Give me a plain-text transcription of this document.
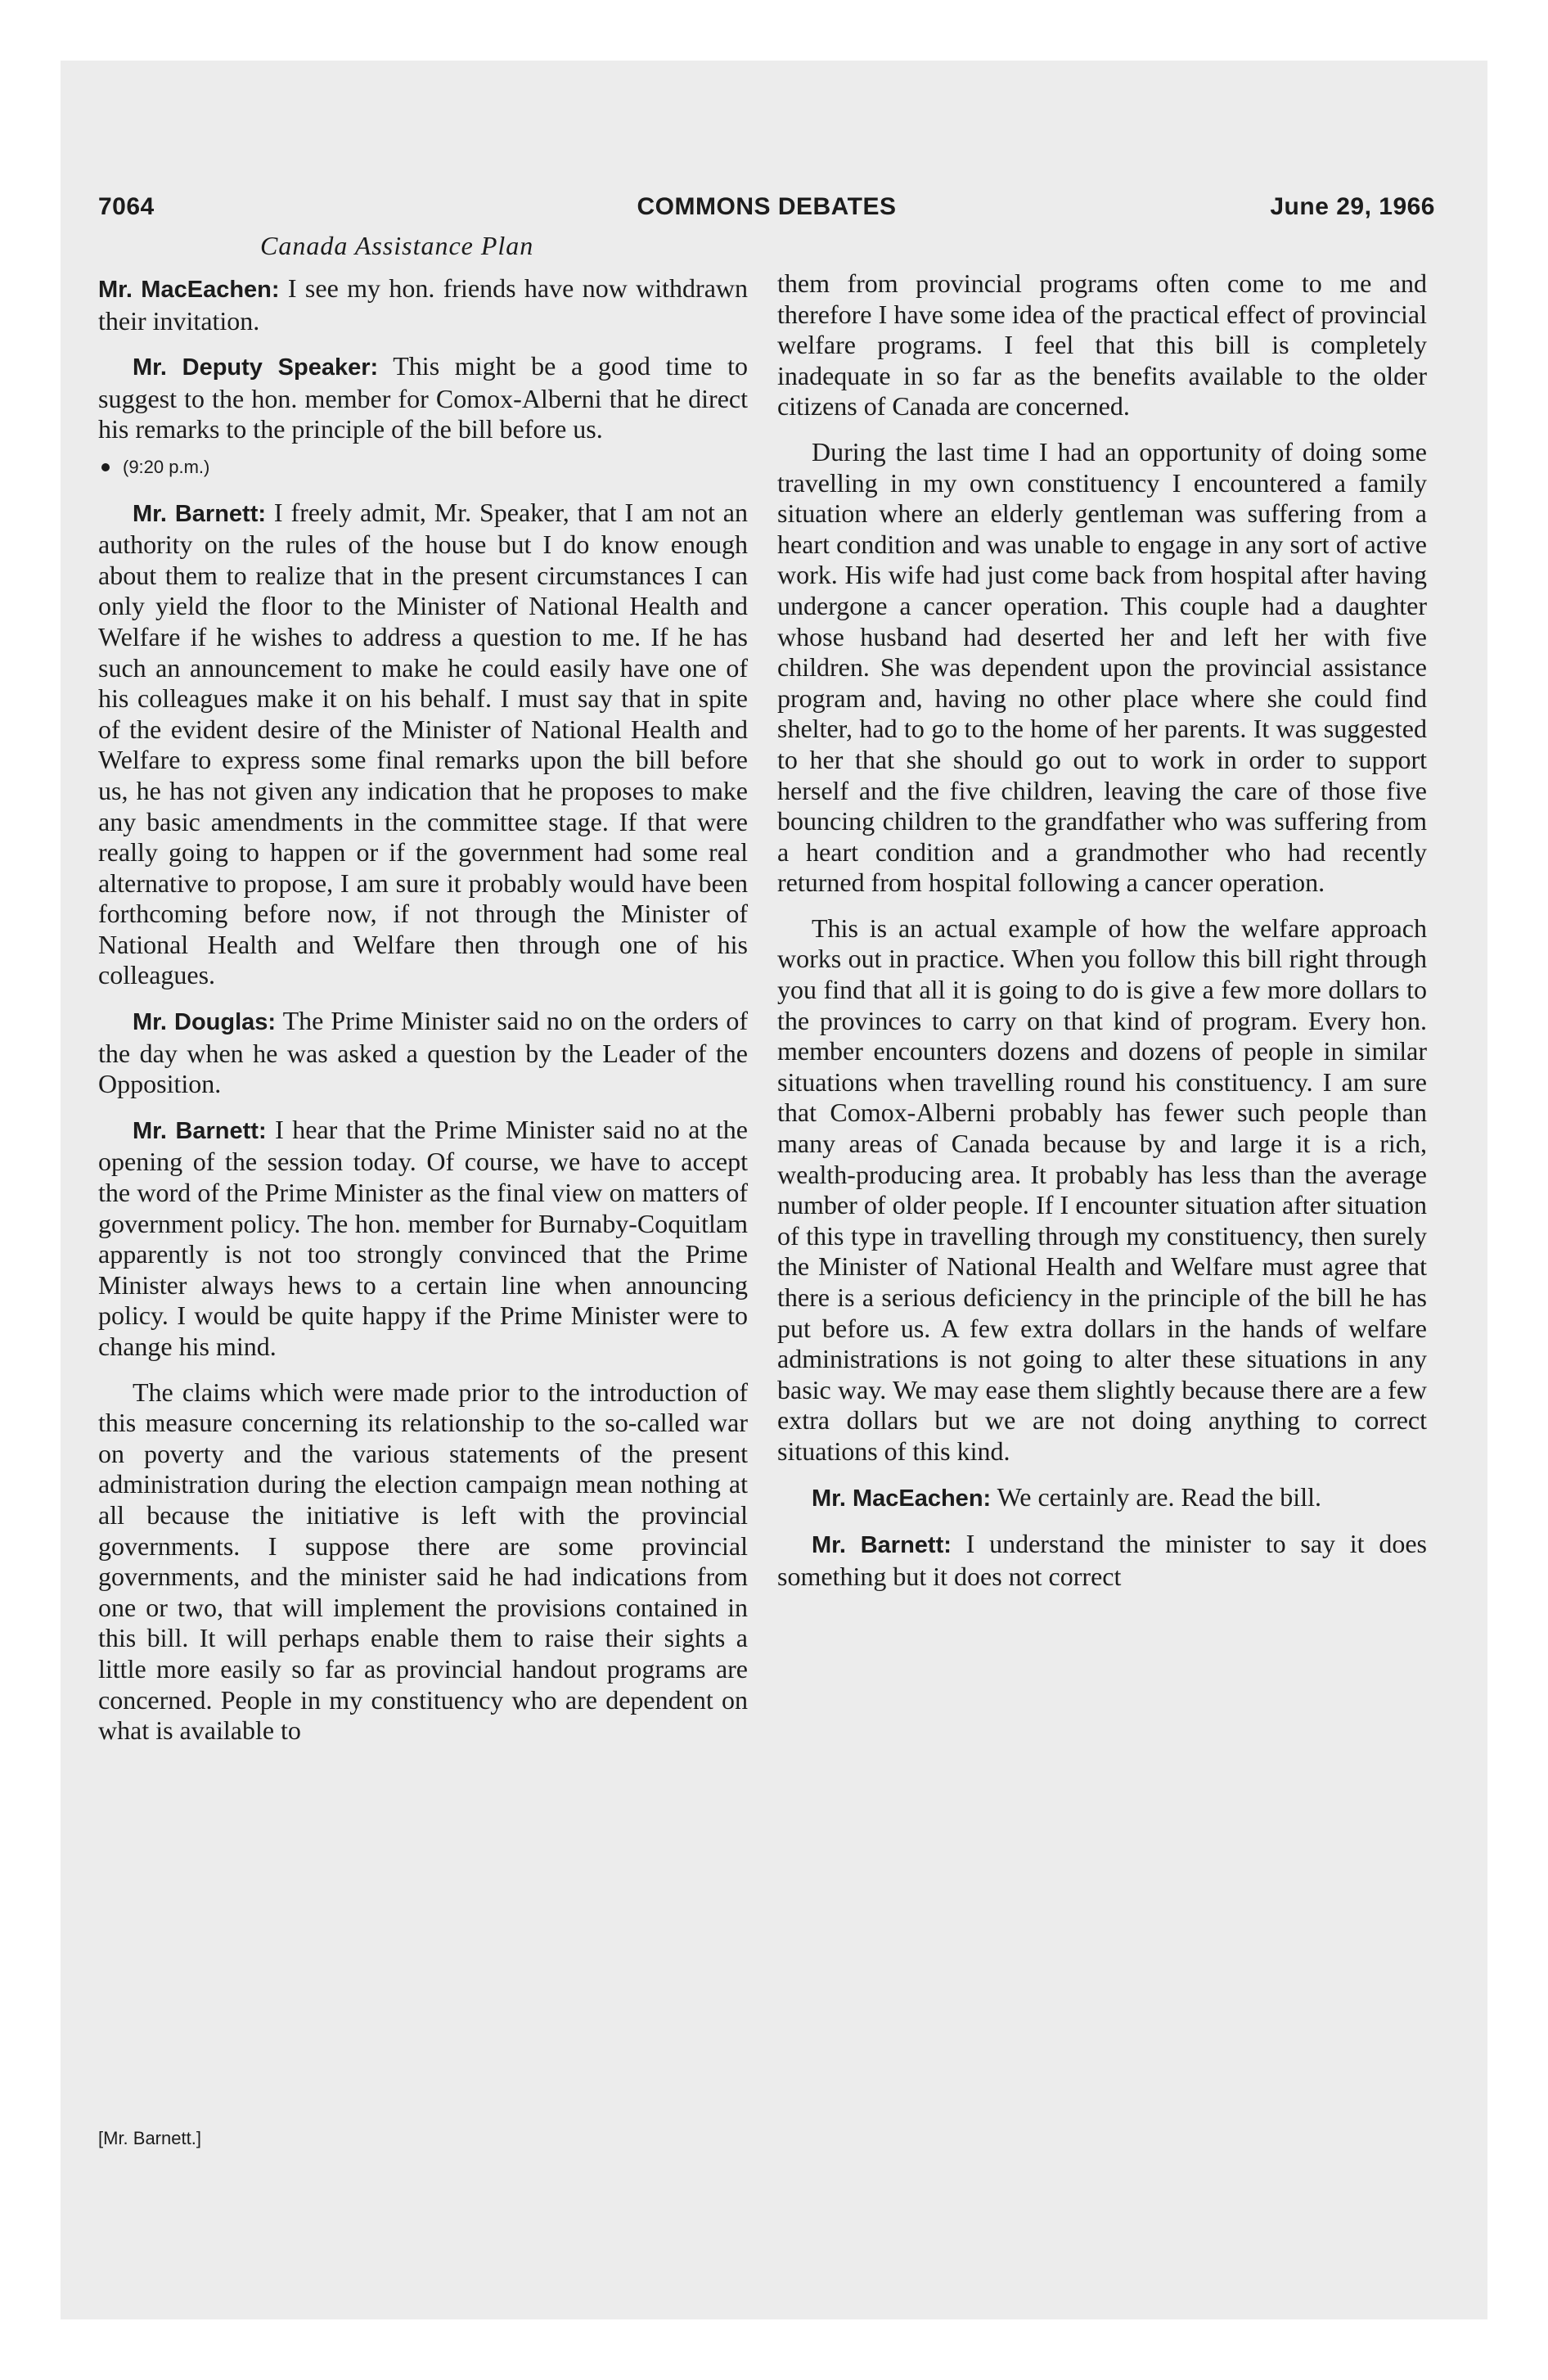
7064	COMMONS DEBATES	June 29, 1966
Canada Assistance Plan

Mr. MacEachen: I see my hon. friends have now withdrawn their invitation.

Mr. Deputy Speaker: This might be a good time to suggest to the hon. member for Comox-Alberni that he direct his remarks to the principle of the bill before us.

(9:20 p.m.)

Mr. Barnett: I freely admit, Mr. Speaker, that I am not an authority on the rules of the house but I do know enough about them to realize that in the present circumstances I can only yield the floor to the Minister of National Health and Welfare if he wishes to address a question to me. If he has such an announcement to make he could easily have one of his colleagues make it on his behalf. I must say that in spite of the evident desire of the Minister of National Health and Welfare to express some final remarks upon the bill before us, he has not given any indication that he proposes to make any basic amendments in the committee stage. If that were really going to happen or if the government had some real alternative to propose, I am sure it probably would have been forthcoming before now, if not through the Minister of National Health and Welfare then through one of his colleagues.

Mr. Douglas: The Prime Minister said no on the orders of the day when he was asked a question by the Leader of the Opposition.

Mr. Barnett: I hear that the Prime Minister said no at the opening of the session today. Of course, we have to accept the word of the Prime Minister as the final view on matters of government policy. The hon. member for Burnaby-Coquitlam apparently is not too strongly convinced that the Prime Minister always hews to a certain line when announcing policy. I would be quite happy if the Prime Minister were to change his mind.

The claims which were made prior to the introduction of this measure concerning its relationship to the so-called war on poverty and the various statements of the present administration during the election campaign mean nothing at all because the initiative is left with the provincial governments. I suppose there are some provincial governments, and the minister said he had indications from one or two, that will implement the provisions contained in this bill. It will perhaps enable them to raise their sights a little more easily so far as provincial handout programs are concerned. People in my constituency who are dependent on what is available to

them from provincial programs often come to me and therefore I have some idea of the practical effect of provincial welfare programs. I feel that this bill is completely inadequate in so far as the benefits available to the older citizens of Canada are concerned.

During the last time I had an opportunity of doing some travelling in my own constituency I encountered a family situation where an elderly gentleman was suffering from a heart condition and was unable to engage in any sort of active work. His wife had just come back from hospital after having undergone a cancer operation. This couple had a daughter whose husband had deserted her and left her with five children. She was dependent upon the provincial assistance program and, having no other place where she could find shelter, had to go to the home of her parents. It was suggested to her that she should go out to work in order to support herself and the five children, leaving the care of those five bouncing children to the grandfather who was suffering from a heart condition and a grandmother who had recently returned from hospital following a cancer operation.

This is an actual example of how the welfare approach works out in practice. When you follow this bill right through you find that all it is going to do is give a few more dollars to the provinces to carry on that kind of program. Every hon. member encounters dozens and dozens of people in similar situations when travelling round his constituency. I am sure that Comox-Alberni probably has fewer such people than many areas of Canada because by and large it is a rich, wealth-producing area. It probably has less than the average number of older people. If I encounter situation after situation of this type in travelling through my constituency, then surely the Minister of National Health and Welfare must agree that there is a serious deficiency in the principle of the bill he has put before us. A few extra dollars in the hands of welfare administrations is not going to alter these situations in any basic way. We may ease them slightly because there are a few extra dollars but we are not doing anything to correct situations of this kind.

Mr. MacEachen: We certainly are. Read the bill.

Mr. Barnett: I understand the minister to say it does something but it does not correct

[Mr. Barnett.]
